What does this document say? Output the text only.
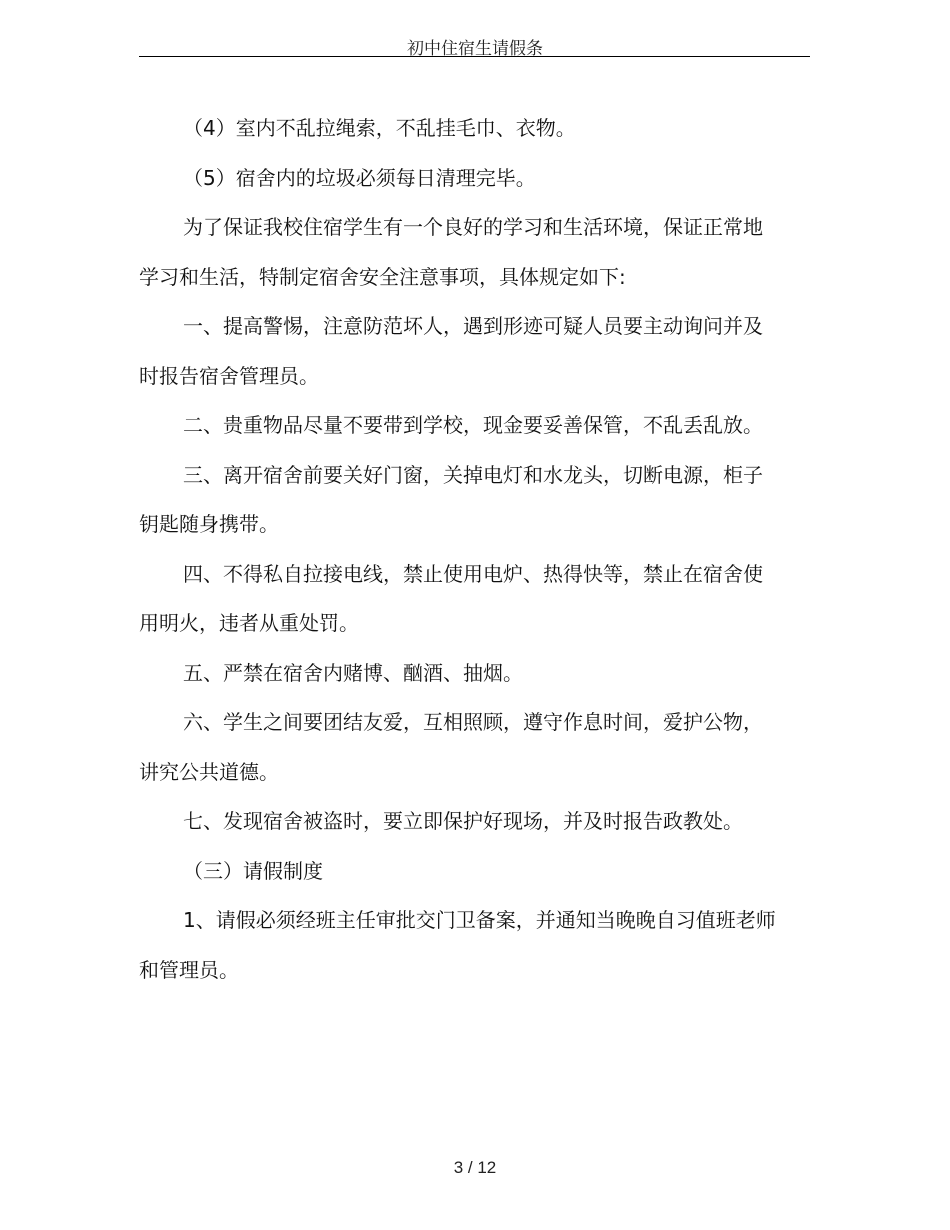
初中住宿生请假条

（4）室内不乱拉绳索，不乱挂毛巾、衣物。

（5）宿舍内的垃圾必须每日清理完毕。

为了保证我校住宿学生有一个良好的学习和生活环境，保证正常地学习和生活，特制定宿舍安全注意事项，具体规定如下:

一、提高警惕，注意防范坏人，遇到形迹可疑人员要主动询问并及时报告宿舍管理员。

二、贵重物品尽量不要带到学校，现金要妥善保管，不乱丢乱放。

三、离开宿舍前要关好门窗，关掉电灯和水龙头，切断电源，柜子钥匙随身携带。

四、不得私自拉接电线，禁止使用电炉、热得快等，禁止在宿舍使用明火，违者从重处罚。

五、严禁在宿舍内赌博、酗酒、抽烟。

六、学生之间要团结友爱，互相照顾，遵守作息时间，爱护公物，讲究公共道德。

七、发现宿舍被盗时，要立即保护好现场，并及时报告政教处。

（三）请假制度

1、请假必须经班主任审批交门卫备案，并通知当晚晚自习值班老师和管理员。

3 / 12
